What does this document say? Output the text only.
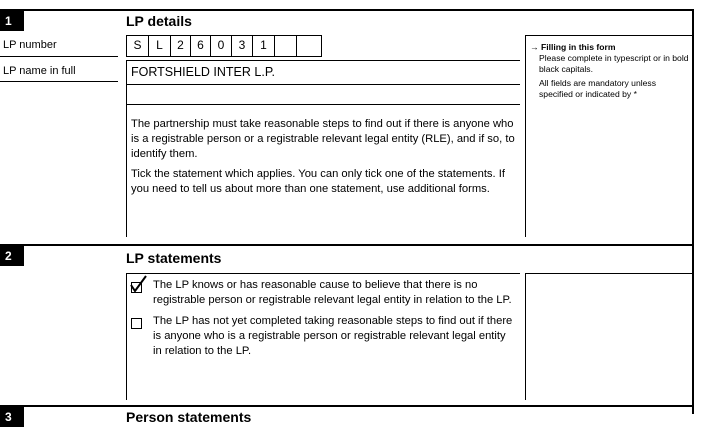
1	LP details
LP number	S	L	2	6	0	3	1
LP name in full	FORTSHIELD INTER L.P.
The partnership must take reasonable steps to find out if there is anyone who is a registrable person or a registrable relevant legal entity (RLE), and if so, to identify them.
Tick the statement which applies. You can only tick one of the statements. If you need to tell us about more than one statement, use additional forms.
→ Filling in this form
Please complete in typescript or in bold black capitals.
All fields are mandatory unless specified or indicated by *
2	LP statements
The LP knows or has reasonable cause to believe that there is no registrable person or registrable relevant legal entity in relation to the LP.
The LP has not yet completed taking reasonable steps to find out if there is anyone who is a registrable person or registrable relevant legal entity in relation to the LP.
3	Person statements
